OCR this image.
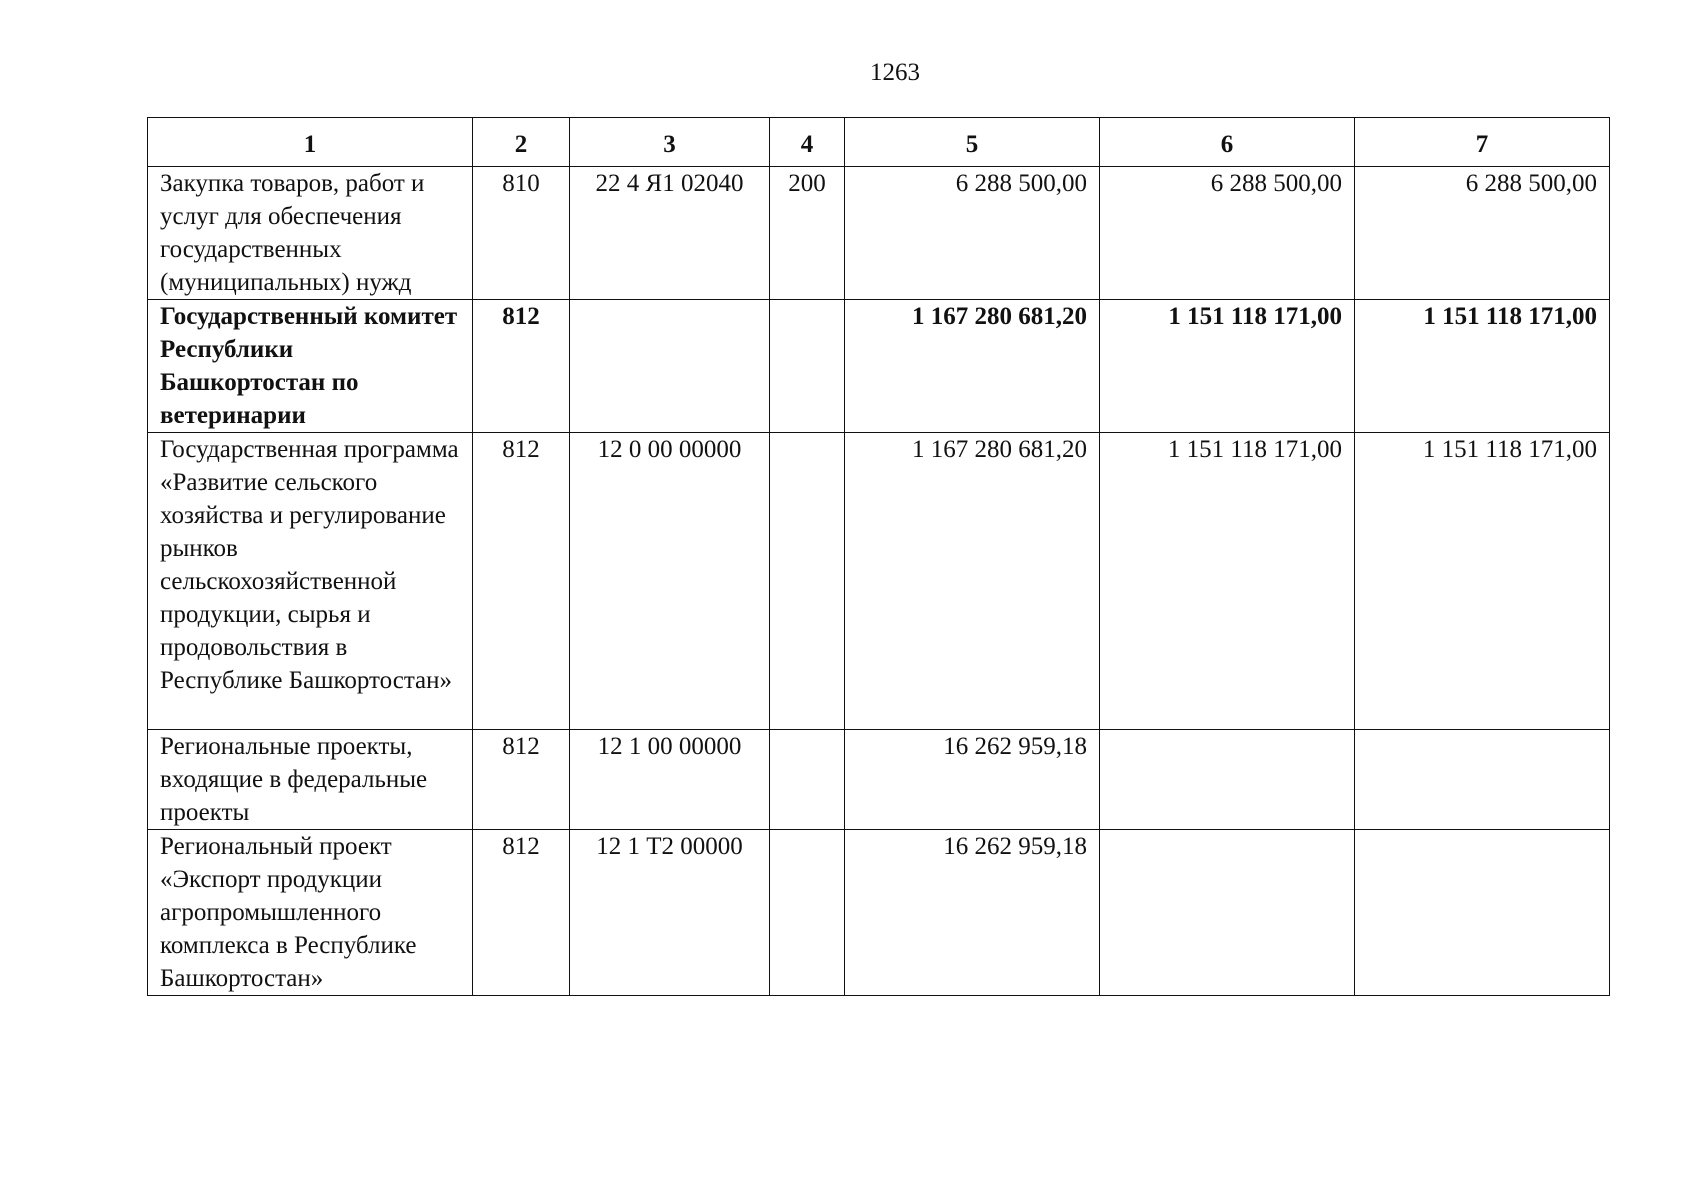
1263
1	2	3	4	5	6	7
Закупка товаров, работ и услуг для обеспечения государственных (муниципальных) нужд	810	22 4 Я1 02040	200	6 288 500,00	6 288 500,00	6 288 500,00
Государственный комитет Республики Башкортостан по ветеринарии	812			1 167 280 681,20	1 151 118 171,00	1 151 118 171,00
Государственная программа «Развитие сельского хозяйства и регулирование рынков сельскохозяйственной продукции, сырья и продовольствия в Республике Башкортостан»	812	12 0 00 00000		1 167 280 681,20	1 151 118 171,00	1 151 118 171,00
Региональные проекты, входящие в федеральные проекты	812	12 1 00 00000		16 262 959,18		
Региональный проект «Экспорт продукции агропромышленного комплекса в Республике Башкортостан»	812	12 1 Т2 00000		16 262 959,18		
